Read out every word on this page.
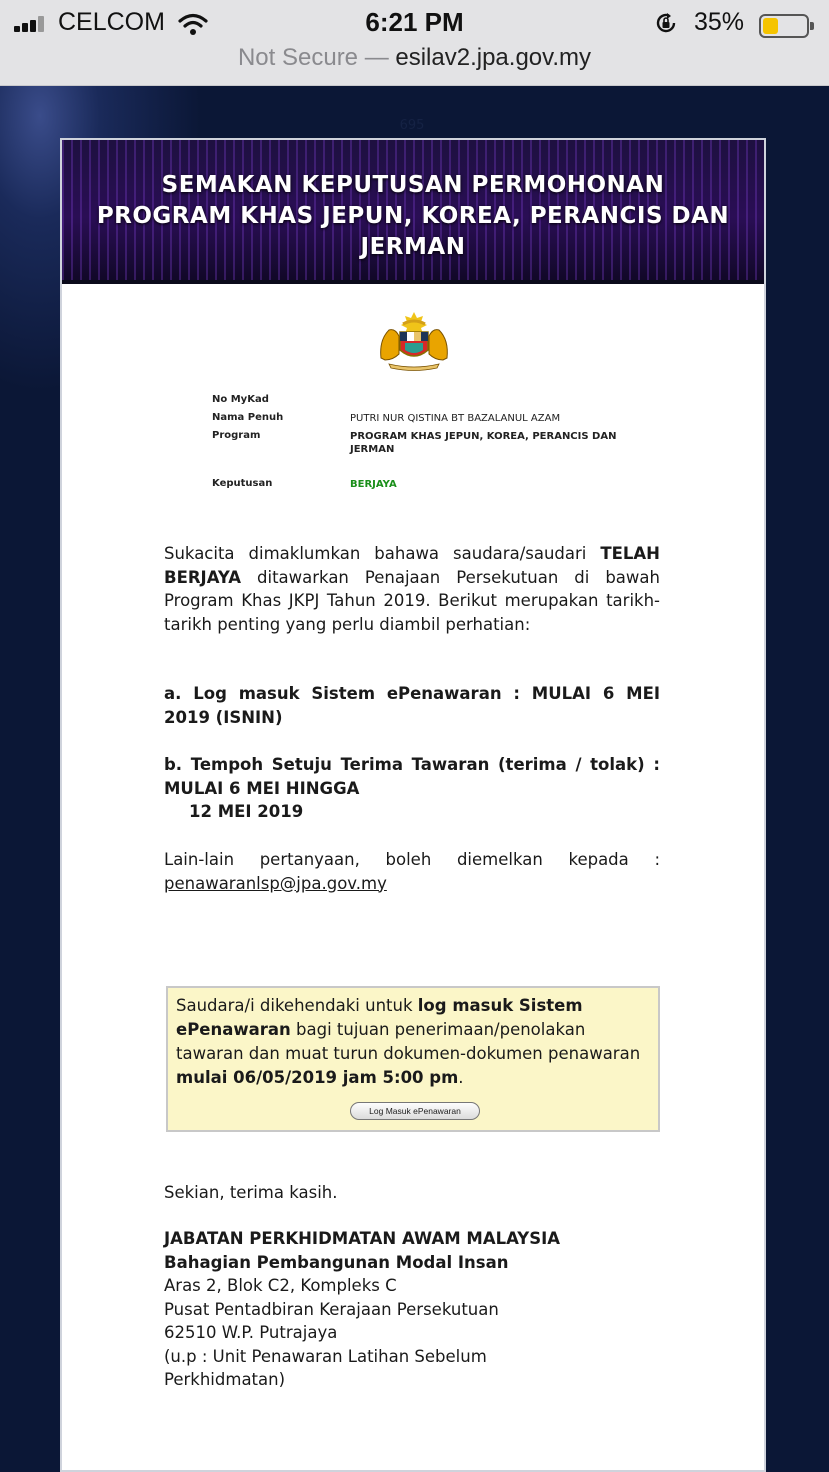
CELCOM	6:21 PM	35%
Not Secure — esilav2.jpa.gov.my
695
SEMAKAN KEPUTUSAN PERMOHONAN
PROGRAM KHAS JEPUN, KOREA, PERANCIS DAN
JERMAN
No MyKad
Nama Penuh	PUTRI NUR QISTINA BT BAZALANUL AZAM
Program	PROGRAM KHAS JEPUN, KOREA, PERANCIS DAN JERMAN
Keputusan	BERJAYA
Sukacita dimaklumkan bahawa saudara/saudari TELAH BERJAYA ditawarkan Penajaan Persekutuan di bawah Program Khas JKPJ Tahun 2019. Berikut merupakan tarikh-tarikh penting yang perlu diambil perhatian:
a. Log masuk Sistem ePenawaran : MULAI 6 MEI 2019 (ISNIN)
b. Tempoh Setuju Terima Tawaran (terima / tolak) : MULAI 6 MEI HINGGA
12 MEI 2019
Lain-lain pertanyaan, boleh diemelkan kepada :
penawaranlsp@jpa.gov.my
Saudara/i dikehendaki untuk log masuk Sistem ePenawaran bagi tujuan penerimaan/penolakan tawaran dan muat turun dokumen-dokumen penawaran mulai 06/05/2019 jam 5:00 pm.
Log Masuk ePenawaran
Sekian, terima kasih.
JABATAN PERKHIDMATAN AWAM MALAYSIA
Bahagian Pembangunan Modal Insan
Aras 2, Blok C2, Kompleks C
Pusat Pentadbiran Kerajaan Persekutuan
62510 W.P. Putrajaya
(u.p : Unit Penawaran Latihan Sebelum
Perkhidmatan)
